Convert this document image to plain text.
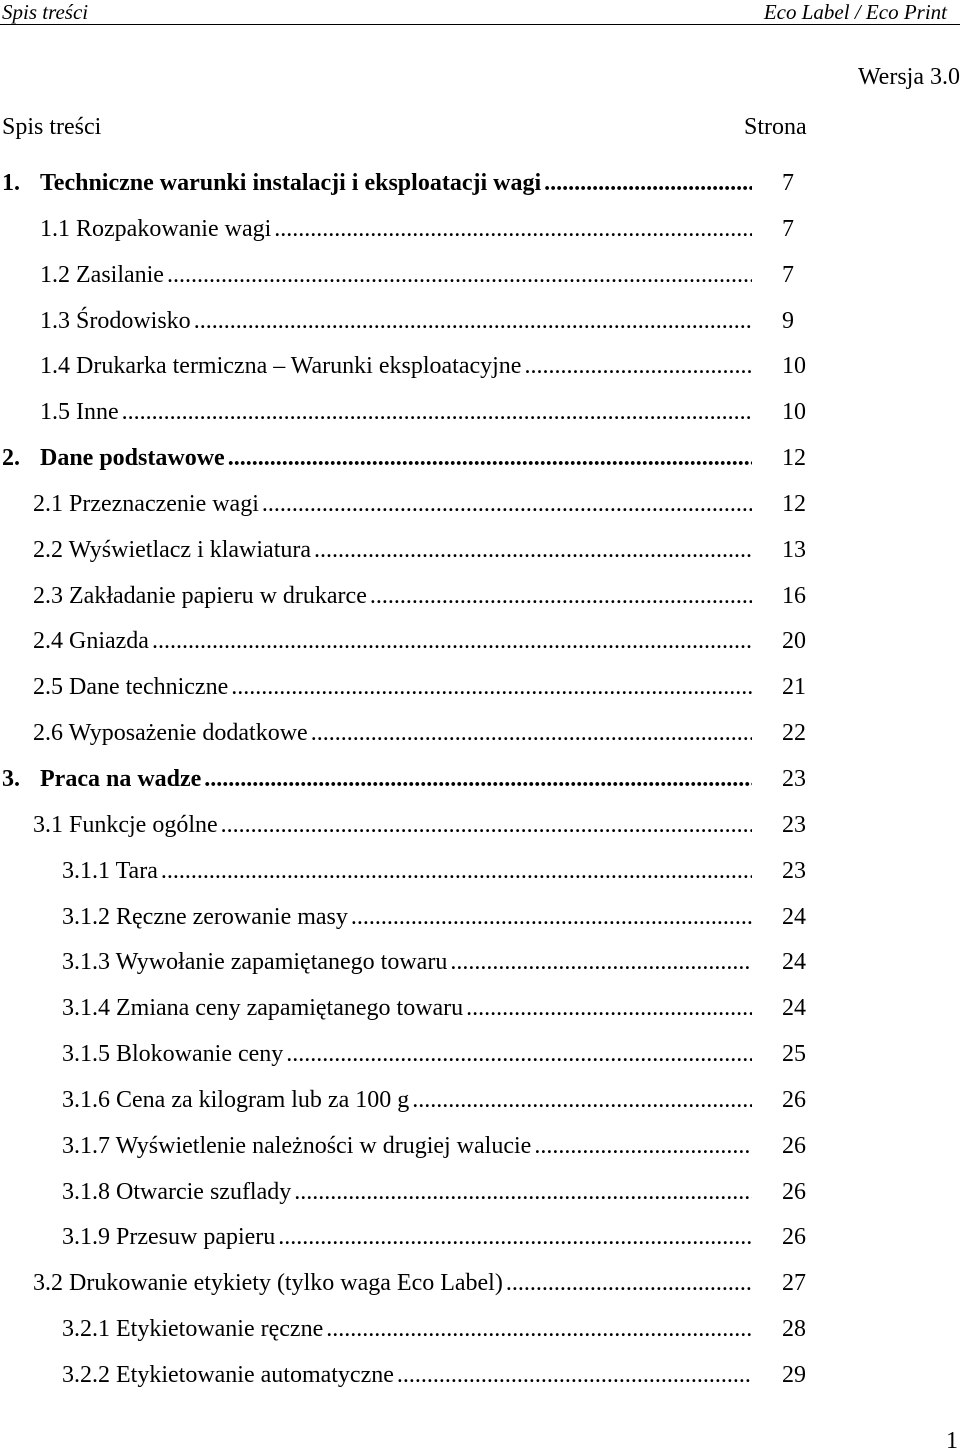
Spis treści	Eco Label / Eco Print
Wersja 3.0
Spis treści	Strona
1. Techniczne warunki instalacji i eksploatacji wagi .....	7
1.1 Rozpakowanie wagi .....	7
1.2 Zasilanie .....	7
1.3 Środowisko .....	9
1.4 Drukarka termiczna – Warunki eksploatacyjne .....	10
1.5 Inne .....	10
2. Dane podstawowe .....	12
2.1 Przeznaczenie wagi .....	12
2.2 Wyświetlacz i klawiatura .....	13
2.3 Zakładanie papieru w drukarce .....	16
2.4 Gniazda .....	20
2.5 Dane techniczne .....	21
2.6 Wyposażenie dodatkowe .....	22
3. Praca na wadze .....	23
3.1 Funkcje ogólne .....	23
3.1.1 Tara .....	23
3.1.2 Ręczne zerowanie masy .....	24
3.1.3 Wywołanie zapamiętanego towaru .....	24
3.1.4 Zmiana ceny zapamiętanego towaru .....	24
3.1.5 Blokowanie ceny .....	25
3.1.6 Cena za kilogram lub za 100 g .....	26
3.1.7 Wyświetlenie należności w drugiej walucie .....	26
3.1.8 Otwarcie szuflady .....	26
3.1.9 Przesuw papieru .....	26
3.2 Drukowanie etykiety (tylko waga Eco Label) .....	27
3.2.1 Etykietowanie ręczne .....	28
3.2.2 Etykietowanie automatyczne .....	29
1
